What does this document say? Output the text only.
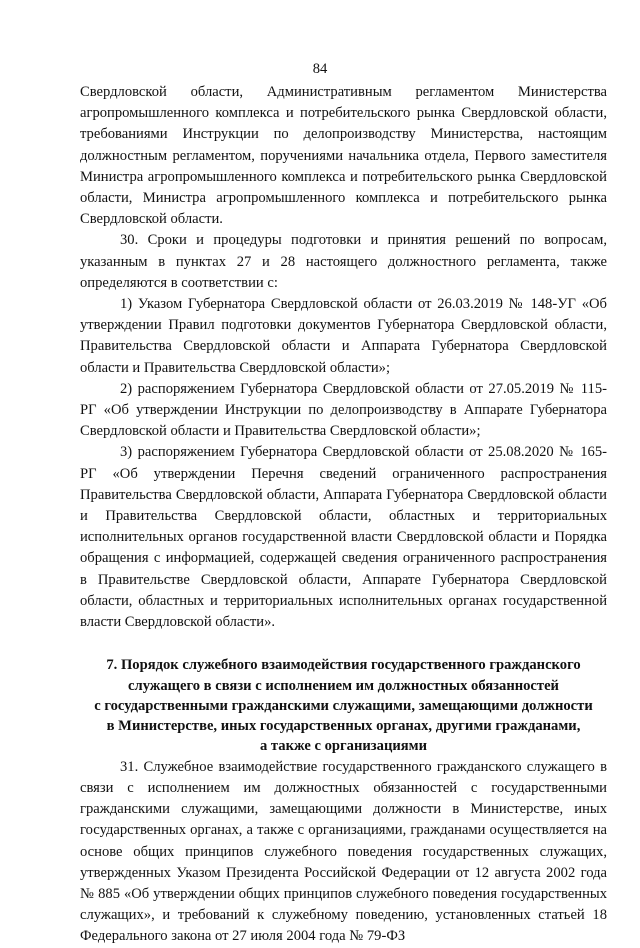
84

Свердловской области, Административным регламентом Министерства агропромышленного комплекса и потребительского рынка Свердловской области, требованиями Инструкции по делопроизводству Министерства, настоящим должностным регламентом, поручениями начальника отдела, Первого заместителя Министра агропромышленного комплекса и потребительского рынка Свердловской области, Министра агропромышленного комплекса и потребительского рынка Свердловской области.

30. Сроки и процедуры подготовки и принятия решений по вопросам, указанным в пунктах 27 и 28 настоящего должностного регламента, также определяются в соответствии с:

1) Указом Губернатора Свердловской области от 26.03.2019 № 148-УГ «Об утверждении Правил подготовки документов Губернатора Свердловской области, Правительства Свердловской области и Аппарата Губернатора Свердловской области и Правительства Свердловской области»;

2) распоряжением Губернатора Свердловской области от 27.05.2019 № 115-РГ «Об утверждении Инструкции по делопроизводству в Аппарате Губернатора Свердловской области и Правительства Свердловской области»;

3) распоряжением Губернатора Свердловской области от 25.08.2020 № 165-РГ «Об утверждении Перечня сведений ограниченного распространения Правительства Свердловской области, Аппарата Губернатора Свердловской области и Правительства Свердловской области, областных и территориальных исполнительных органов государственной власти Свердловской области и Порядка обращения с информацией, содержащей сведения ограниченного распространения в Правительстве Свердловской области, Аппарате Губернатора Свердловской области, областных и территориальных исполнительных органах государственной власти Свердловской области».

7. Порядок служебного взаимодействия государственного гражданского
служащего в связи с исполнением им должностных обязанностей
с государственными гражданскими служащими, замещающими должности
в Министерстве, иных государственных органах, другими гражданами,
а также с организациями

31. Служебное взаимодействие государственного гражданского служащего в связи с исполнением им должностных обязанностей с государственными гражданскими служащими, замещающими должности в Министерстве, иных государственных органах, а также с организациями, гражданами осуществляется на основе общих принципов служебного поведения государственных служащих, утвержденных Указом Президента Российской Федерации от 12 августа 2002 года № 885 «Об утверждении общих принципов служебного поведения государственных служащих», и требований к служебному поведению, установленных статьей 18 Федерального закона от 27 июля 2004 года № 79-ФЗ
